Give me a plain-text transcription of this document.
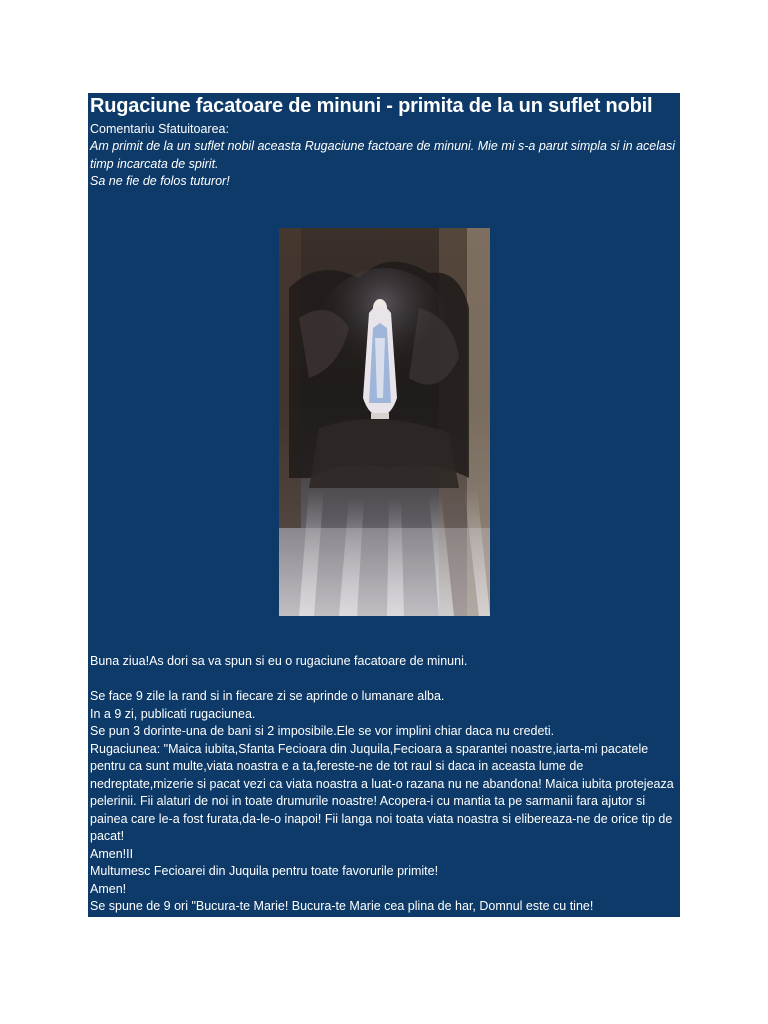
Rugaciune facatoare de minuni - primita de la un suflet nobil
Comentariu Sfatuitoarea:
Am primit de la un suflet nobil aceasta Rugaciune factoare de minuni. Mie mi s-a parut simpla si in acelasi timp incarcata de spirit.
Sa ne fie de folos tuturor!

Buna ziua!As dori sa va spun si eu o rugaciune facatoare de minuni.

Se face 9 zile la rand si in fiecare zi se aprinde o lumanare alba.

In a 9 zi, publicati rugaciunea.

Se pun 3 dorinte-una de bani si 2 imposibile.Ele se vor implini chiar daca nu credeti.

Rugaciunea: "Maica iubita,Sfanta Fecioara din Juquila,Fecioara a sparantei noastre,iarta-mi pacatele pentru ca sunt multe,viata noastra e a ta,fereste-ne de tot raul si daca in aceasta lume de nedreptate,mizerie si pacat vezi ca viata noastra a luat-o razana nu ne abandona! Maica iubita protejeaza pelerinii. Fii alaturi de noi in toate drumurile noastre! Acopera-i cu mantia ta pe sarmanii fara ajutor si painea care le-a fost furata,da-le-o inapoi! Fii langa noi toata viata noastra si elibereaza-ne de orice tip de pacat!

Amen!II

Multumesc Fecioarei din Juquila pentru toate favorurile primite!

Amen!

Se spune de 9 ori "Bucura-te Marie! Bucura-te Marie cea plina de har, Domnul este cu tine!
